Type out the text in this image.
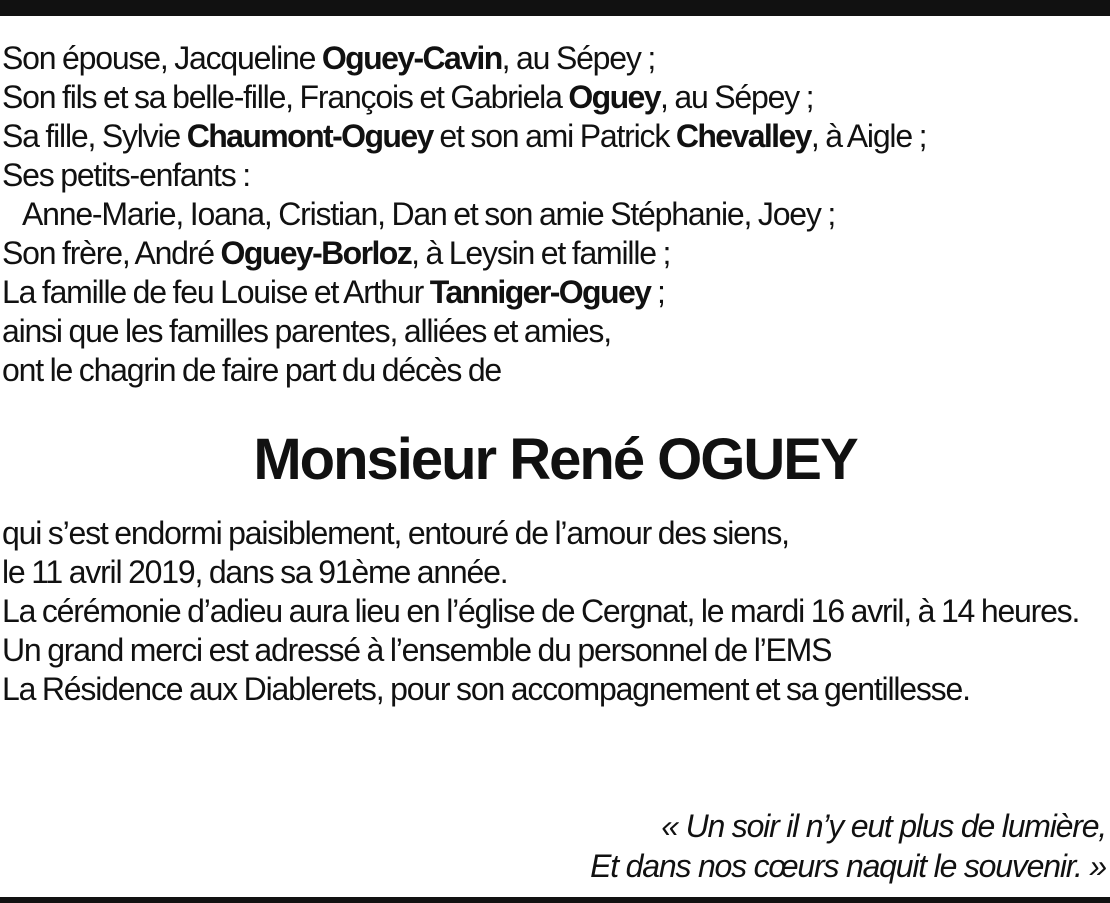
Son épouse, Jacqueline Oguey-Cavin, au Sépey ;
Son fils et sa belle-fille, François et Gabriela Oguey, au Sépey ;
Sa fille, Sylvie Chaumont-Oguey et son ami Patrick Chevalley, à Aigle ;
Ses petits-enfants :
Anne-Marie, Ioana, Cristian, Dan et son amie Stéphanie, Joey ;
Son frère, André Oguey-Borloz, à Leysin et famille ;
La famille de feu Louise et Arthur Tanniger-Oguey ;
ainsi que les familles parentes, alliées et amies,
ont le chagrin de faire part du décès de
Monsieur René OGUEY
qui s’est endormi paisiblement, entouré de l’amour des siens,
le 11 avril 2019, dans sa 91ème année.
La cérémonie d’adieu aura lieu en l’église de Cergnat, le mardi 16 avril, à 14 heures.
Un grand merci est adressé à l’ensemble du personnel de l’EMS
La Résidence aux Diablerets, pour son accompagnement et sa gentillesse.
« Un soir il n’y eut plus de lumière,
Et dans nos cœurs naquit le souvenir. »
